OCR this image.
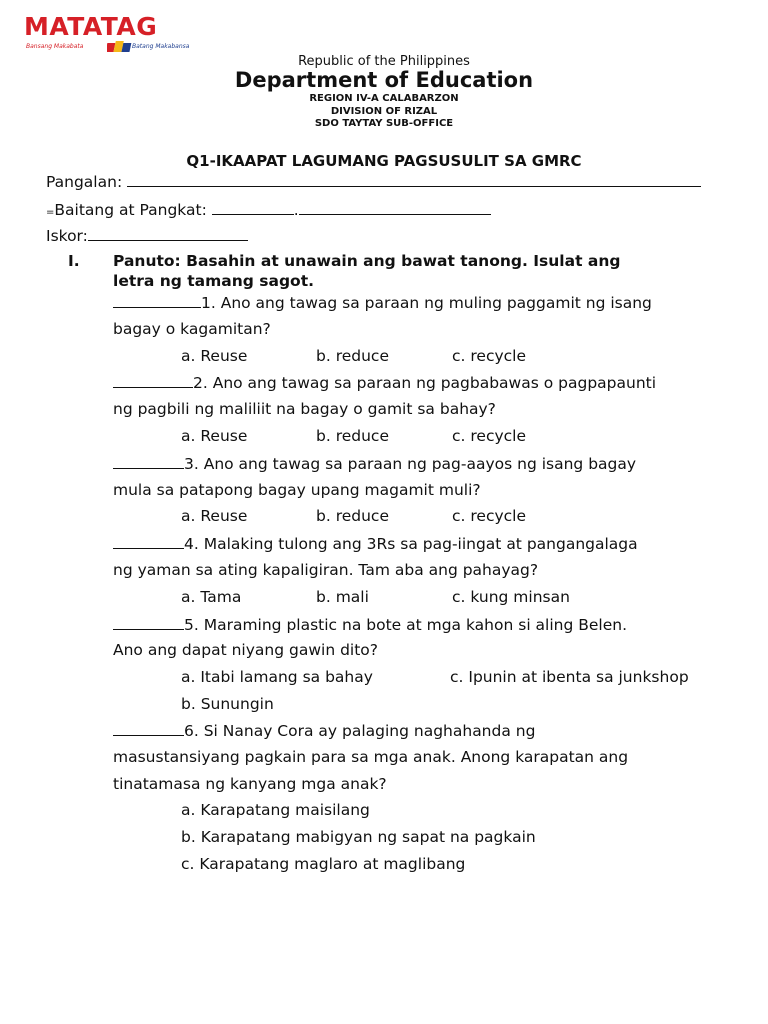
MATATAG
Bansang Makabata	Batang Makabansa
Republic of the Philippines
Department of Education
REGION IV-A CALABARZON
DIVISION OF RIZAL
SDO TAYTAY SUB-OFFICE
Q1-IKAAPAT LAGUMANG PAGSUSULIT SA GMRC
Pangalan:
=Baitang at Pangkat:	.
Iskor:
I. Panuto: Basahin at unawain ang bawat tanong. Isulat ang
letra ng tamang sagot.
1. Ano ang tawag sa paraan ng muling paggamit ng isang
bagay o kagamitan?
a. Reuse	b. reduce	c. recycle
2. Ano ang tawag sa paraan ng pagbabawas o pagpapaunti
ng pagbili ng maliliit na bagay o gamit sa bahay?
a. Reuse	b. reduce	c. recycle
3. Ano ang tawag sa paraan ng pag-aayos ng isang bagay
mula sa patapong bagay upang magamit muli?
a. Reuse	b. reduce	c. recycle
4. Malaking tulong ang 3Rs sa pag-iingat at pangangalaga
ng yaman sa ating kapaligiran. Tam aba ang pahayag?
a. Tama	b. mali	c. kung minsan
5. Maraming plastic na bote at mga kahon si aling Belen.
Ano ang dapat niyang gawin dito?
a. Itabi lamang sa bahay	c. Ipunin at ibenta sa junkshop
b. Sunungin
6. Si Nanay Cora ay palaging naghahanda ng
masustansiyang pagkain para sa mga anak. Anong karapatan ang
tinatamasa ng kanyang mga anak?
a. Karapatang maisilang
b. Karapatang mabigyan ng sapat na pagkain
c. Karapatang maglaro at maglibang
